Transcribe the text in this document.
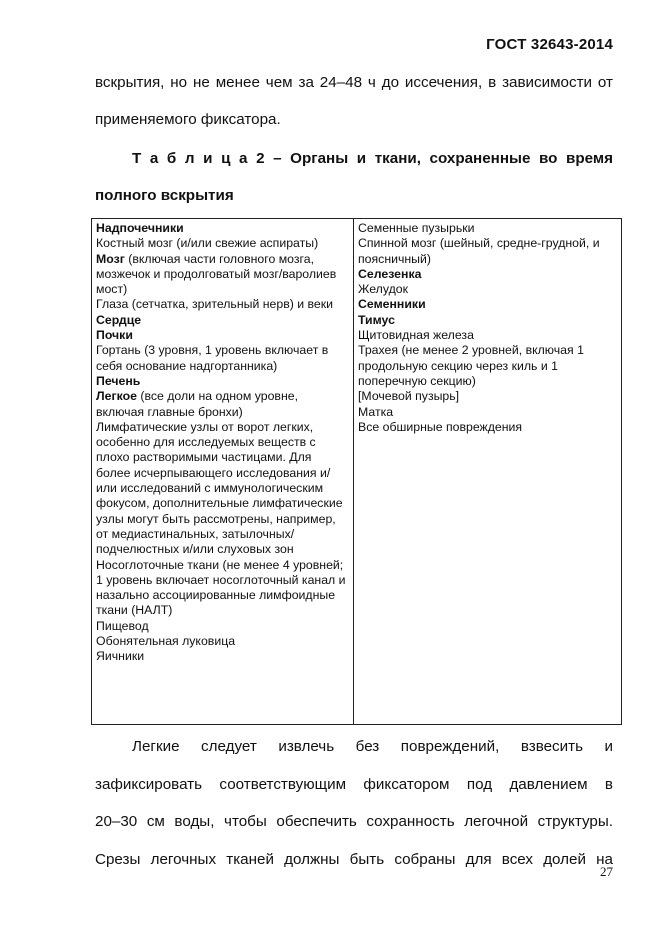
ГОСТ 32643-2014

вскрытия, но не менее чем за 24–48 ч до иссечения, в зависимости от
применяемого фиксатора.

Т а б л и ц а 2 – Органы и ткани, сохраненные во время
полного вскрытия
Надпочечники
Костный мозг (и/или свежие аспираты)
Мозг (включая части головного мозга, мозжечок и продолговатый мозг/варолиев мост)
Глаза (сетчатка, зрительный нерв) и веки
Сердце
Почки
Гортань (3 уровня, 1 уровень включает в себя основание надгортанника)
Печень
Легкое (все доли на одном уровне, включая главные бронхи)
Лимфатические узлы от ворот легких, особенно для исследуемых веществ с плохо растворимыми частицами. Для более исчерпывающего исследования и/или исследований с иммунологическим фокусом, дополнительные лимфатические узлы могут быть рассмотрены, например, от медиастинальных, затылочных/подчелюстных и/или слуховых зон
Носоглоточные ткани (не менее 4 уровней; 1 уровень включает носоглоточный канал и назально ассоциированные лимфоидные ткани (НАЛТ)
Пищевод
Обонятельная луковица
Яичники
Семенные пузырьки
Спинной мозг (шейный, средне-грудной, и поясничный)
Селезенка
Желудок
Семенники
Тимус
Щитовидная железа
Трахея (не менее 2 уровней, включая 1 продольную секцию через киль и 1 поперечную секцию)
[Мочевой пузырь]
Матка
Все обширные повреждения

Легкие следует извлечь без повреждений, взвесить и
зафиксировать соответствующим фиксатором под давлением в
20–30 см воды, чтобы обеспечить сохранность легочной структуры.
Срезы легочных тканей должны быть собраны для всех долей на

27
